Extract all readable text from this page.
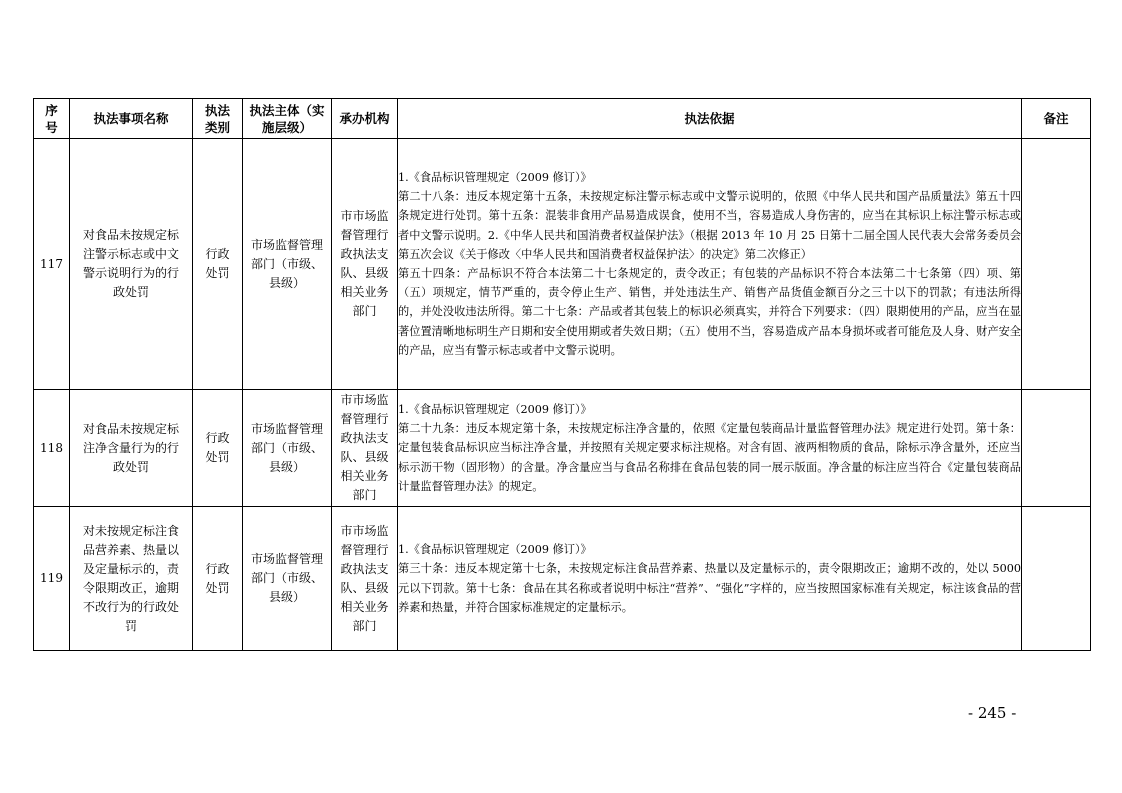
序号	执法事项名称	执法类别	执法主体（实施层级）	承办机构	执法依据	备注
117	对食品未按规定标注警示标志或中文警示说明行为的行政处罚	行政处罚	市场监督管理部门（市级、县级）	市市场监督管理行政执法支队、县级相关业务部门	1.《食品标识管理规定（2009 修订）》
第二十八条：违反本规定第十五条，未按规定标注警示标志或中文警示说明的，依照《中华人民共和国产品质量法》第五十四条规定进行处罚。第十五条：混装非食用产品易造成误食，使用不当，容易造成人身伤害的，应当在其标识上标注警示标志或者中文警示说明。2.《中华人民共和国消费者权益保护法》（根据 2013 年 10 月 25 日第十二届全国人民代表大会常务委员会第五次会议《关于修改〈中华人民共和国消费者权益保护法〉的决定》第二次修正）
第五十四条：产品标识不符合本法第二十七条规定的，责令改正；有包装的产品标识不符合本法第二十七条第（四）项、第（五）项规定，情节严重的，责令停止生产、销售，并处违法生产、销售产品货值金额百分之三十以下的罚款；有违法所得的，并处没收违法所得。第二十七条：产品或者其包装上的标识必须真实，并符合下列要求：（四）限期使用的产品，应当在显著位置清晰地标明生产日期和安全使用期或者失效日期；（五）使用不当，容易造成产品本身损坏或者可能危及人身、财产安全的产品，应当有警示标志或者中文警示说明。	

118	对食品未按规定标注净含量行为的行政处罚	行政处罚	市场监督管理部门（市级、县级）	市市场监督管理行政执法支队、县级相关业务部门	1.《食品标识管理规定（2009 修订）》
第二十九条：违反本规定第十条，未按规定标注净含量的，依照《定量包装商品计量监督管理办法》规定进行处罚。第十条：定量包装食品标识应当标注净含量，并按照有关规定要求标注规格。对含有固、液两相物质的食品，除标示净含量外，还应当标示沥干物（固形物）的含量。净含量应当与食品名称排在食品包装的同一展示版面。净含量的标注应当符合《定量包装商品计量监督管理办法》的规定。	

119	对未按规定标注食品营养素、热量以及定量标示的，责令限期改正，逾期不改行为的行政处罚	行政处罚	市场监督管理部门（市级、县级）	市市场监督管理行政执法支队、县级相关业务部门	1.《食品标识管理规定（2009 修订）》
第三十条：违反本规定第十七条，未按规定标注食品营养素、热量以及定量标示的，责令限期改正；逾期不改的，处以 5000 元以下罚款。第十七条：食品在其名称或者说明中标注“营养”、“强化”字样的，应当按照国家标准有关规定，标注该食品的营养素和热量，并符合国家标准规定的定量标示。	

- 245 -
